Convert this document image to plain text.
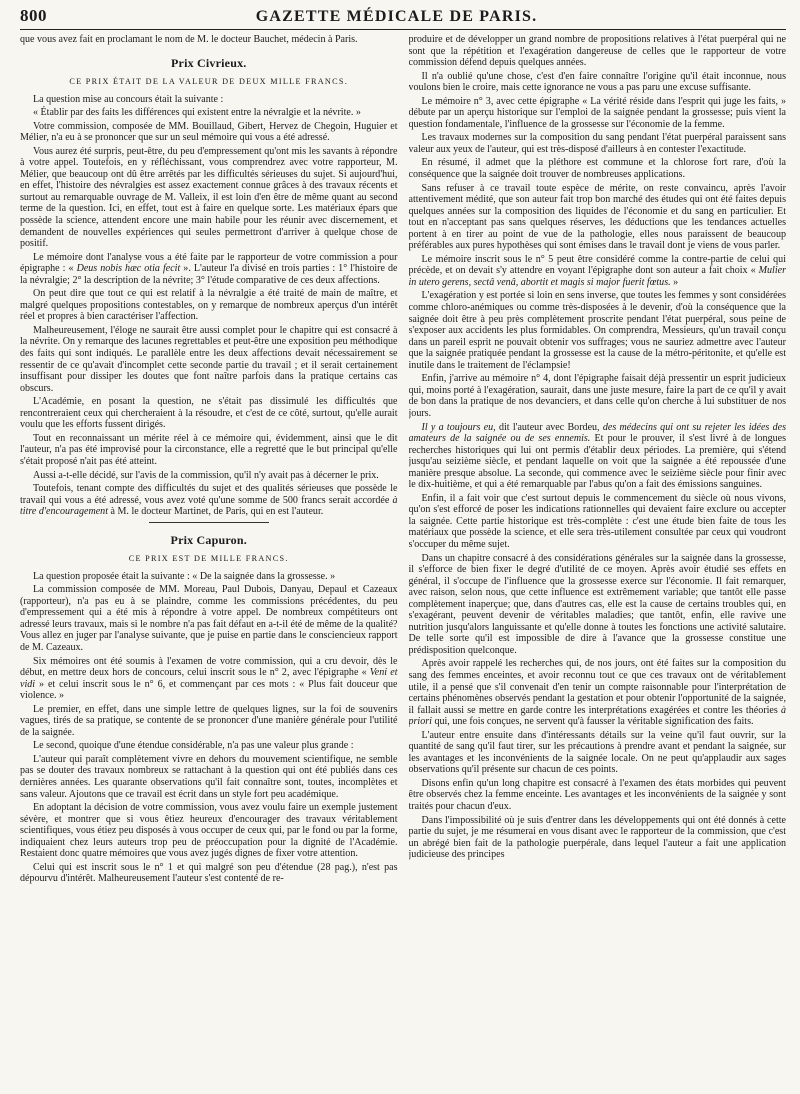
800	GAZETTE MÉDICALE DE PARIS.

que vous avez fait en proclamant le nom de M. le docteur Bauchet, médecin à Paris.

Prix Civrieux.
CE PRIX ÉTAIT DE LA VALEUR DE DEUX MILLE FRANCS.

La question mise au concours était la suivante :

« Établir par des faits les différences qui existent entre la névralgie et la névrite. »

Votre commission, composée de MM. Bouillaud, Gibert, Hervez de Chegoin, Huguier et Mélier, n'a eu à se prononcer que sur un seul mémoire qui vous a été adressé.

Vous aurez été surpris, peut-être, du peu d'empressement qu'ont mis les savants à répondre à votre appel. Toutefois, en y réfléchissant, vous comprendrez avec votre rapporteur, M. Mélier, que beaucoup ont dû être arrêtés par les difficultés sérieuses du sujet. Si aujourd'hui, en effet, l'histoire des névralgies est assez exactement connue grâces à des travaux récents et surtout au remarquable ouvrage de M. Valleix, il est loin d'en être de même quant au second terme de la question. Ici, en effet, tout est à faire en quelque sorte. Les matériaux épars que possède la science, attendent encore une main habile pour les réunir avec discernement, et demandent de nouvelles expériences qui seules permettront d'arriver à quelque chose de positif.

Le mémoire dont l'analyse vous a été faite par le rapporteur de votre commission a pour épigraphe : « Deus nobis hæc otia fecit ». L'auteur l'a divisé en trois parties : 1° l'histoire de la névralgie; 2° la description de la névrite; 3° l'étude comparative de ces deux affections.

On peut dire que tout ce qui est relatif à la névralgie a été traité de main de maître, et malgré quelques propositions contestables, on y remarque de nombreux aperçus d'un intérêt réel et propres à bien caractériser l'affection.

Malheureusement, l'éloge ne saurait être aussi complet pour le chapitre qui est consacré à la névrite. On y remarque des lacunes regrettables et peut-être une exposition peu méthodique des faits qui sont indiqués. Le parallèle entre les deux affections devait nécessairement se ressentir de ce qu'avait d'incomplet cette seconde partie du travail ; et il serait certainement insuffisant pour dissiper les doutes que font naître parfois dans la pratique certains cas obscurs.

L'Académie, en posant la question, ne s'était pas dissimulé les difficultés que rencontreraient ceux qui chercheraient à la résoudre, et c'est de ce côté, surtout, qu'elle aurait voulu que les efforts fussent dirigés.

Tout en reconnaissant un mérite réel à ce mémoire qui, évidemment, ainsi que le dit l'auteur, n'a pas été improvisé pour la circonstance, elle a regretté que le but principal qu'elle s'était proposé n'ait pas été atteint.

Aussi a-t-elle décidé, sur l'avis de la commission, qu'il n'y avait pas à décerner le prix.

Toutefois, tenant compte des difficultés du sujet et des qualités sérieuses que possède le travail qui vous a été adressé, vous avez voté qu'une somme de 500 francs serait accordée à titre d'encouragement à M. le docteur Martinet, de Paris, qui en est l'auteur.

Prix Capuron.
CE PRIX EST DE MILLE FRANCS.

La question proposée était la suivante : « De la saignée dans la grossesse. »

La commission composée de MM. Moreau, Paul Dubois, Danyau, Depaul et Cazeaux (rapporteur), n'a pas eu à se plaindre, comme les commissions précédentes, du peu d'empressement qui a été mis à répondre à votre appel. De nombreux compétiteurs ont adressé leurs travaux, mais si le nombre n'a pas fait défaut en a-t-il été de même de la qualité? Vous allez en juger par l'analyse suivante, que je puise en partie dans le consciencieux rapport de M. Cazeaux.

Six mémoires ont été soumis à l'examen de votre commission, qui a cru devoir, dès le début, en mettre deux hors de concours, celui inscrit sous le n° 2, avec l'épigraphe « Veni et vidi » et celui inscrit sous le n° 6, et commençant par ces mots : « Plus fait douceur que violence. »

Le premier, en effet, dans une simple lettre de quelques lignes, sur la foi de souvenirs vagues, tirés de sa pratique, se contente de se prononcer d'une manière générale pour l'utilité de la saignée.

Le second, quoique d'une étendue considérable, n'a pas une valeur plus grande :

L'auteur qui paraît complètement vivre en dehors du mouvement scientifique, ne semble pas se douter des travaux nombreux se rattachant à la question qui ont été publiés dans ces dernières années. Les quarante observations qu'il fait connaître sont, toutes, incomplètes et sans valeur. Ajoutons que ce travail est écrit dans un style fort peu académique.

En adoptant la décision de votre commission, vous avez voulu faire un exemple justement sévère, et montrer que si vous êtiez heureux d'encourager des travaux véritablement scientifiques, vous étiez peu disposés à vous occuper de ceux qui, par le fond ou par la forme, indiquaient chez leurs auteurs trop peu de préoccupation pour la dignité de l'Académie. Restaient donc quatre mémoires que vous avez jugés dignes de fixer votre attention.

Celui qui est inscrit sous le n° 1 et qui malgré son peu d'étendue (28 pag.), n'est pas dépourvu d'intérêt. Malheureusement l'auteur s'est contenté de re-

produire et de développer un grand nombre de propositions relatives à l'état puerpéral qui ne sont que la répétition et l'exagération dangereuse de celles que le rapporteur de votre commission défend depuis quelques années.

Il n'a oublié qu'une chose, c'est d'en faire connaître l'origine qu'il était inconnue, nous voulons bien le croire, mais cette ignorance ne vous a pas paru une excuse suffisante.

Le mémoire n° 3, avec cette épigraphe « La vérité réside dans l'esprit qui juge les faits, » débute par un aperçu historique sur l'emploi de la saignée pendant la grossesse; puis vient la question fondamentale, l'influence de la grossesse sur l'économie de la femme.

Les travaux modernes sur la composition du sang pendant l'état puerpéral paraissent sans valeur aux yeux de l'auteur, qui est très-disposé d'ailleurs à en contester l'exactitude.

En résumé, il admet que la pléthore est commune et la chlorose fort rare, d'où la conséquence que la saignée doit trouver de nombreuses applications.

Sans refuser à ce travail toute espèce de mérite, on reste convaincu, après l'avoir attentivement médité, que son auteur fait trop bon marché des études qui ont été faites depuis quelques années sur la composition des liquides de l'économie et du sang en particulier. Et tout en n'acceptant pas sans quelques réserves, les déductions que les tendances actuelles portent à en tirer au point de vue de la pathologie, elles nous paraissent de beaucoup préférables aux pures hypothèses qui sont émises dans le travail dont je viens de vous parler.

Le mémoire inscrit sous le n° 5 peut être considéré comme la contre-partie de celui qui précède, et on devait s'y attendre en voyant l'épigraphe dont son auteur a fait choix « Mulier in utero gerens, sectâ venâ, abortit et magis si major fuerit fœtus. »

L'exagération y est portée si loin en sens inverse, que toutes les femmes y sont considérées comme chloro-anémiques ou comme très-disposées à le devenir, d'où la conséquence que la saignée doit être à peu près complètement proscrite pendant l'état puerpéral, sous peine de s'exposer aux accidents les plus formidables. On comprendra, Messieurs, qu'un travail conçu dans un pareil esprit ne pouvait obtenir vos suffrages; vous ne sauriez admettre avec l'auteur que la saignée pratiquée pendant la grossesse est la cause de la métro-péritonite, et qu'elle est inutile dans le traitement de l'éclampsie!

Enfin, j'arrive au mémoire n° 4, dont l'épigraphe faisait déjà pressentir un esprit judicieux qui, moins porté à l'exagération, saurait, dans une juste mesure, faire la part de ce qu'il y avait de bon dans la pratique de nos devanciers, et dans celle qu'on cherche à lui substituer de nos jours.

Il y a toujours eu, dit l'auteur avec Bordeu, des médecins qui ont su rejeter les idées des amateurs de la saignée ou de ses ennemis. Et pour le prouver, il s'est livré à de longues recherches historiques qui lui ont permis d'établir deux périodes. La première, qui s'étend jusqu'au seizième siècle, et pendant laquelle on voit que la saignée a été repoussée d'une manière presque absolue. La seconde, qui commence avec le seizième siècle pour finir avec le dix-huitième, et qui a été remarquable par l'abus qu'on a fait des émissions sanguines.

Enfin, il a fait voir que c'est surtout depuis le commencement du siècle où nous vivons, qu'on s'est efforcé de poser les indications rationnelles qui devaient faire exclure ou accepter la saignée. Cette partie historique est très-complète : c'est une étude bien faite de tous les matériaux que possède la science, et elle sera très-utilement consultée par ceux qui voudront s'occuper du même sujet.

Dans un chapitre consacré à des considérations générales sur la saignée dans la grossesse, il s'efforce de bien fixer le degré d'utilité de ce moyen. Après avoir étudié ses effets en général, il s'occupe de l'influence que la grossesse exerce sur l'économie. Il fait remarquer, avec raison, selon nous, que cette influence est extrêmement variable; que tantôt elle passe complètement inaperçue; que, dans d'autres cas, elle est la cause de certains troubles qui, en s'exagérant, peuvent devenir de véritables maladies; que tantôt, enfin, elle ravive une nutrition jusqu'alors languissante et qu'elle donne à toutes les fonctions une activité salutaire. De telle sorte qu'il est impossible de dire à l'avance que la grossesse constitue une prédisposition quelconque.

Après avoir rappelé les recherches qui, de nos jours, ont été faites sur la composition du sang des femmes enceintes, et avoir reconnu tout ce que ces travaux ont de véritablement utile, il a pensé que s'il convenait d'en tenir un compte raisonnable pour l'interprétation de certains phénomènes observés pendant la gestation et pour obtenir l'opportunité de la saignée, il fallait aussi se mettre en garde contre les interprétations exagérées et contre les théories à priori qui, une fois conçues, ne servent qu'à fausser la véritable signification des faits.

L'auteur entre ensuite dans d'intéressants détails sur la veine qu'il faut ouvrir, sur la quantité de sang qu'il faut tirer, sur les précautions à prendre avant et pendant la saignée, sur les avantages et les inconvénients de la saignée locale. On ne peut qu'applaudir aux sages observations qu'il présente sur chacun de ces points.

Disons enfin qu'un long chapitre est consacré à l'examen des états morbides qui peuvent être observés chez la femme enceinte. Les avantages et les inconvénients de la saignée y sont traités pour chacun d'eux.

Dans l'impossibilité où je suis d'entrer dans les développements qui ont été donnés à cette partie du sujet, je me résumerai en vous disant avec le rapporteur de la commission, que c'est un abrégé bien fait de la pathologie puerpérale, dans lequel l'auteur a fait une application judicieuse des principes
